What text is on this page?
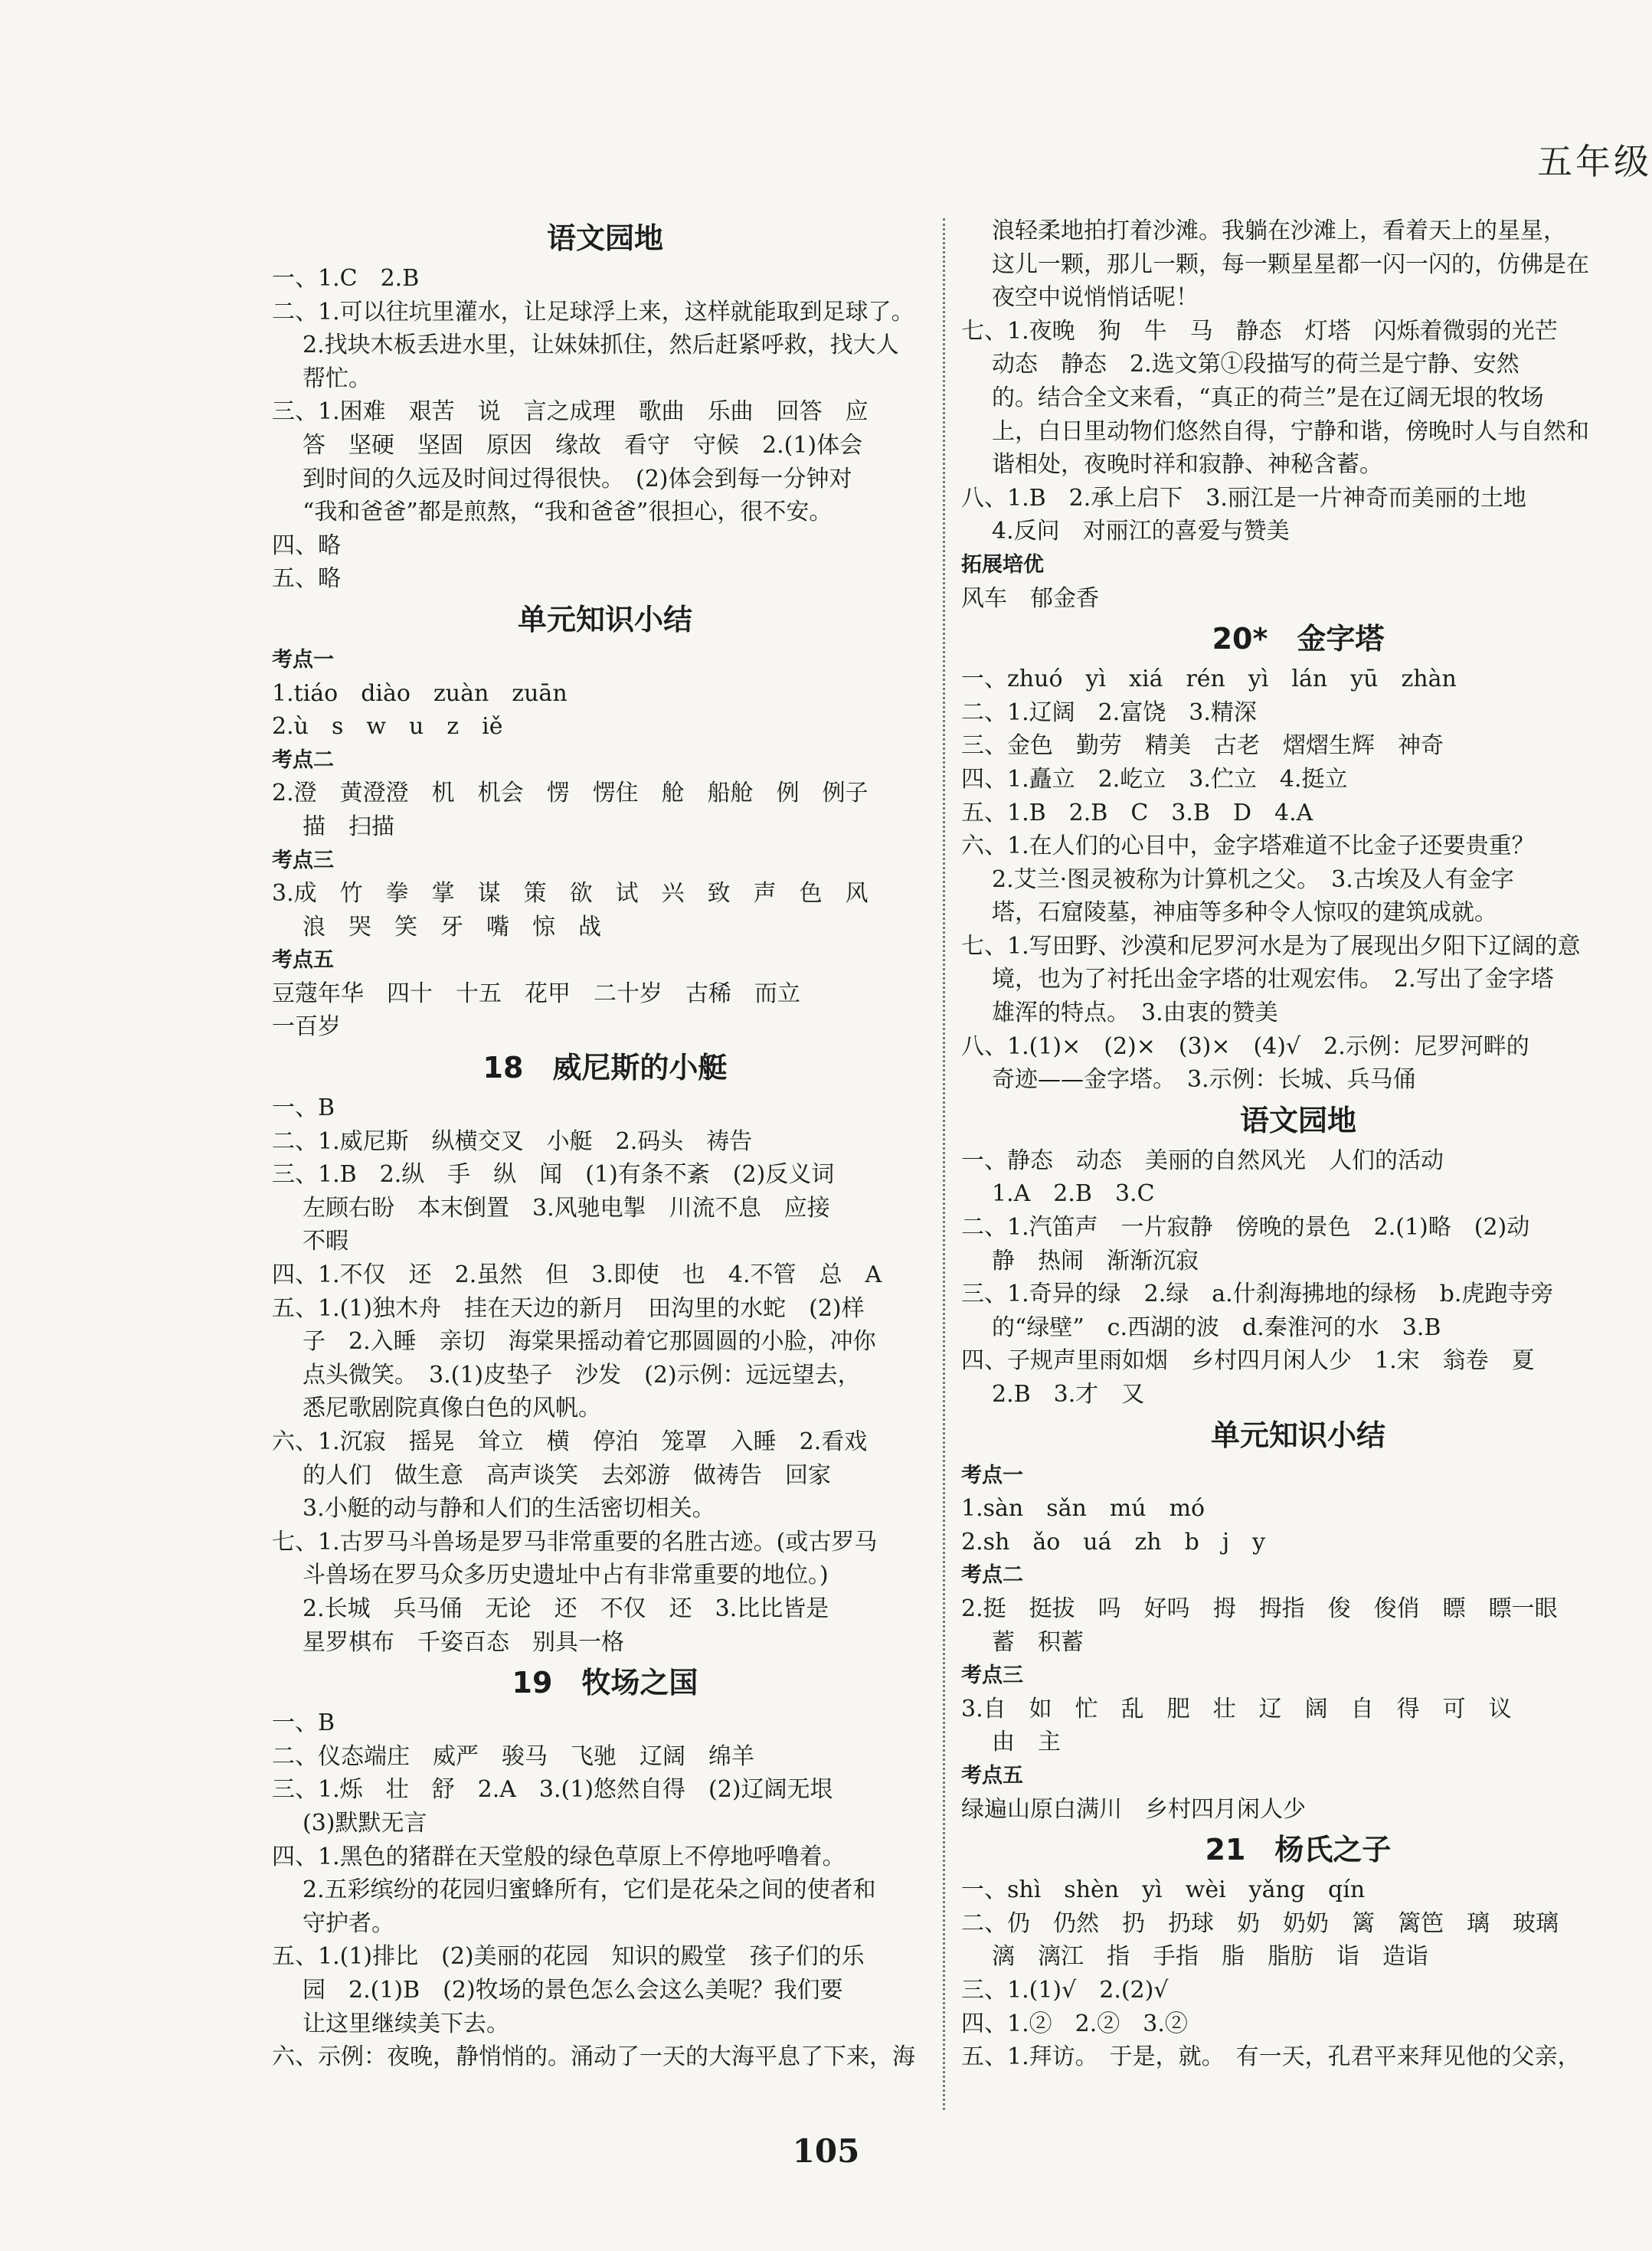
五年级
语文园地
一、1.C　2.B
二、1.可以往坑里灌水，让足球浮上来，这样就能取到足球了。
2.找块木板丢进水里，让妹妹抓住，然后赶紧呼救，找大人
帮忙。
三、1.困难　艰苦　说　言之成理　歌曲　乐曲　回答　应
答　坚硬　坚固　原因　缘故　看守　守候　2.(1)体会
到时间的久远及时间过得很快。　(2)体会到每一分钟对
“我和爸爸”都是煎熬，“我和爸爸”很担心，很不安。
四、略
五、略
单元知识小结
考点一
1.tiáo　diào　zuàn　zuān
2.ù　s　w　u　z　iě
考点二
2.澄　黄澄澄　机　机会　愣　愣住　舱　船舱　例　例子
描　扫描
考点三
3.成　竹　拳　掌　谋　策　欲　试　兴　致　声　色　风
浪　哭　笑　牙　嘴　惊　战
考点五
豆蔻年华　四十　十五　花甲　二十岁　古稀　而立
一百岁
18　威尼斯的小艇
一、B
二、1.威尼斯　纵横交叉　小艇　2.码头　祷告
三、1.B　2.纵　手　纵　闻　(1)有条不紊　(2)反义词
左顾右盼　本末倒置　3.风驰电掣　川流不息　应接
不暇
四、1.不仅　还　2.虽然　但　3.即使　也　4.不管　总　A
五、1.(1)独木舟　挂在天边的新月　田沟里的水蛇　(2)样
子　2.入睡　亲切　海棠果摇动着它那圆圆的小脸，冲你
点头微笑。　3.(1)皮垫子　沙发　(2)示例：远远望去，
悉尼歌剧院真像白色的风帆。
六、1.沉寂　摇晃　耸立　横　停泊　笼罩　入睡　2.看戏
的人们　做生意　高声谈笑　去郊游　做祷告　回家
3.小艇的动与静和人们的生活密切相关。
七、1.古罗马斗兽场是罗马非常重要的名胜古迹。(或古罗马
斗兽场在罗马众多历史遗址中占有非常重要的地位。)
2.长城　兵马俑　无论　还　不仅　还　3.比比皆是
星罗棋布　千姿百态　别具一格
19　牧场之国
一、B
二、仪态端庄　威严　骏马　飞驰　辽阔　绵羊
三、1.烁　壮　舒　2.A　3.(1)悠然自得　(2)辽阔无垠
(3)默默无言
四、1.黑色的猪群在天堂般的绿色草原上不停地呼噜着。
2.五彩缤纷的花园归蜜蜂所有，它们是花朵之间的使者和
守护者。
五、1.(1)排比　(2)美丽的花园　知识的殿堂　孩子们的乐
园　2.(1)B　(2)牧场的景色怎么会这么美呢？我们要
让这里继续美下去。
六、示例：夜晚，静悄悄的。涌动了一天的大海平息了下来，海
浪轻柔地拍打着沙滩。我躺在沙滩上，看着天上的星星，
这儿一颗，那儿一颗，每一颗星星都一闪一闪的，仿佛是在
夜空中说悄悄话呢！
七、1.夜晚　狗　牛　马　静态　灯塔　闪烁着微弱的光芒
动态　静态　2.选文第①段描写的荷兰是宁静、安然
的。结合全文来看，“真正的荷兰”是在辽阔无垠的牧场
上，白日里动物们悠然自得，宁静和谐，傍晚时人与自然和
谐相处，夜晚时祥和寂静、神秘含蓄。
八、1.B　2.承上启下　3.丽江是一片神奇而美丽的土地
4.反问　对丽江的喜爱与赞美
拓展培优
风车　郁金香
20*　金字塔
一、zhuó　yì　xiá　rén　yì　lán　yū　zhàn
二、1.辽阔　2.富饶　3.精深
三、金色　勤劳　精美　古老　熠熠生辉　神奇
四、1.矗立　2.屹立　3.伫立　4.挺立
五、1.B　2.B　C　3.B　D　4.A
六、1.在人们的心目中，金字塔难道不比金子还要贵重？
2.艾兰·图灵被称为计算机之父。　3.古埃及人有金字
塔，石窟陵墓，神庙等多种令人惊叹的建筑成就。
七、1.写田野、沙漠和尼罗河水是为了展现出夕阳下辽阔的意
境，也为了衬托出金字塔的壮观宏伟。　2.写出了金字塔
雄浑的特点。　3.由衷的赞美
八、1.(1)×　(2)×　(3)×　(4)√　2.示例：尼罗河畔的
奇迹——金字塔。　3.示例：长城、兵马俑
语文园地
一、静态　动态　美丽的自然风光　人们的活动
1.A　2.B　3.C
二、1.汽笛声　一片寂静　傍晚的景色　2.(1)略　(2)动
静　热闹　渐渐沉寂
三、1.奇异的绿　2.绿　a.什刹海拂地的绿杨　b.虎跑寺旁
的“绿壁”　c.西湖的波　d.秦淮河的水　3.B
四、子规声里雨如烟　乡村四月闲人少　1.宋　翁卷　夏
2.B　3.才　又
单元知识小结
考点一
1.sàn　sǎn　mú　mó
2.sh　ǎo　uá　zh　b　j　y
考点二
2.挺　挺拔　吗　好吗　拇　拇指　俊　俊俏　瞟　瞟一眼
蓄　积蓄
考点三
3.自　如　忙　乱　肥　壮　辽　阔　自　得　可　议
由　主
考点五
绿遍山原白满川　乡村四月闲人少
21　杨氏之子
一、shì　shèn　yì　wèi　yǎng　qín
二、仍　仍然　扔　扔球　奶　奶奶　篱　篱笆　璃　玻璃
漓　漓江　指　手指　脂　脂肪　诣　造诣
三、1.(1)√　2.(2)√
四、1.②　2.②　3.②
五、1.拜访。　于是，就。　有一天，孔君平来拜见他的父亲，
105
